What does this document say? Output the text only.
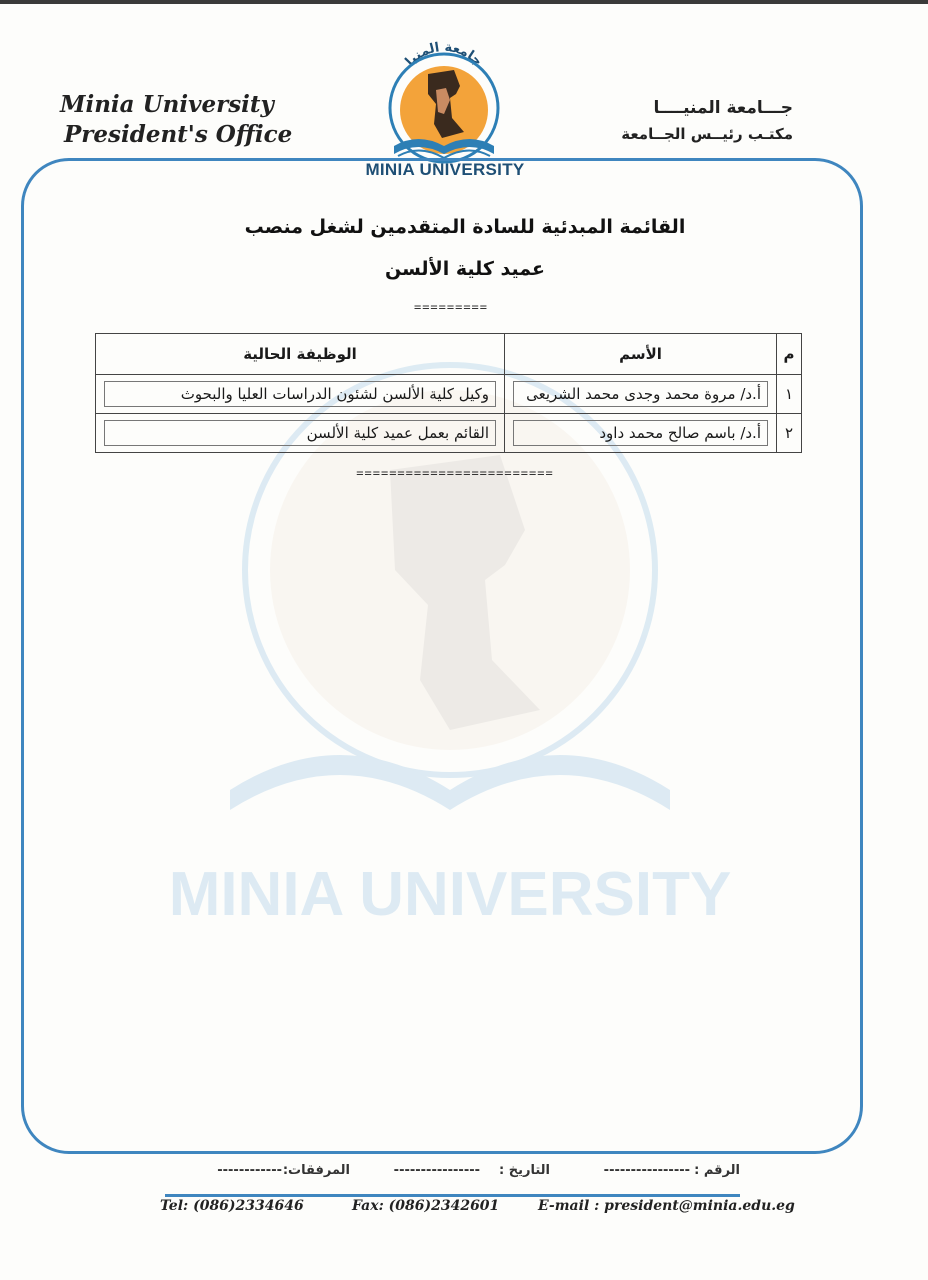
Minia University
President's Office
جـــامعة المنيــــا
مكتـب رئيــس الجــامعة
جامعة المنيا
MINIA UNIVERSITY
MINIA UNIVERSITY
القائمة المبدئية للسادة المتقدمين لشغل منصب
عميد كلية الألسن
=========
م	الأسم	الوظيفة الحالية
١	أ.د/ مروة محمد وجدى محمد الشريعى	وكيل كلية الألسن لشئون الدراسات العليا والبحوث

٢	أ.د/ باسم صالح محمد داود	القائم بعمل عميد كلية الألسن
========================
الرقم :
----------------
التاريخ :
----------------
المرفقات:
------------
Tel: (086)2334646	Fax: (086)2342601	E-mail : president@minia.edu.eg
